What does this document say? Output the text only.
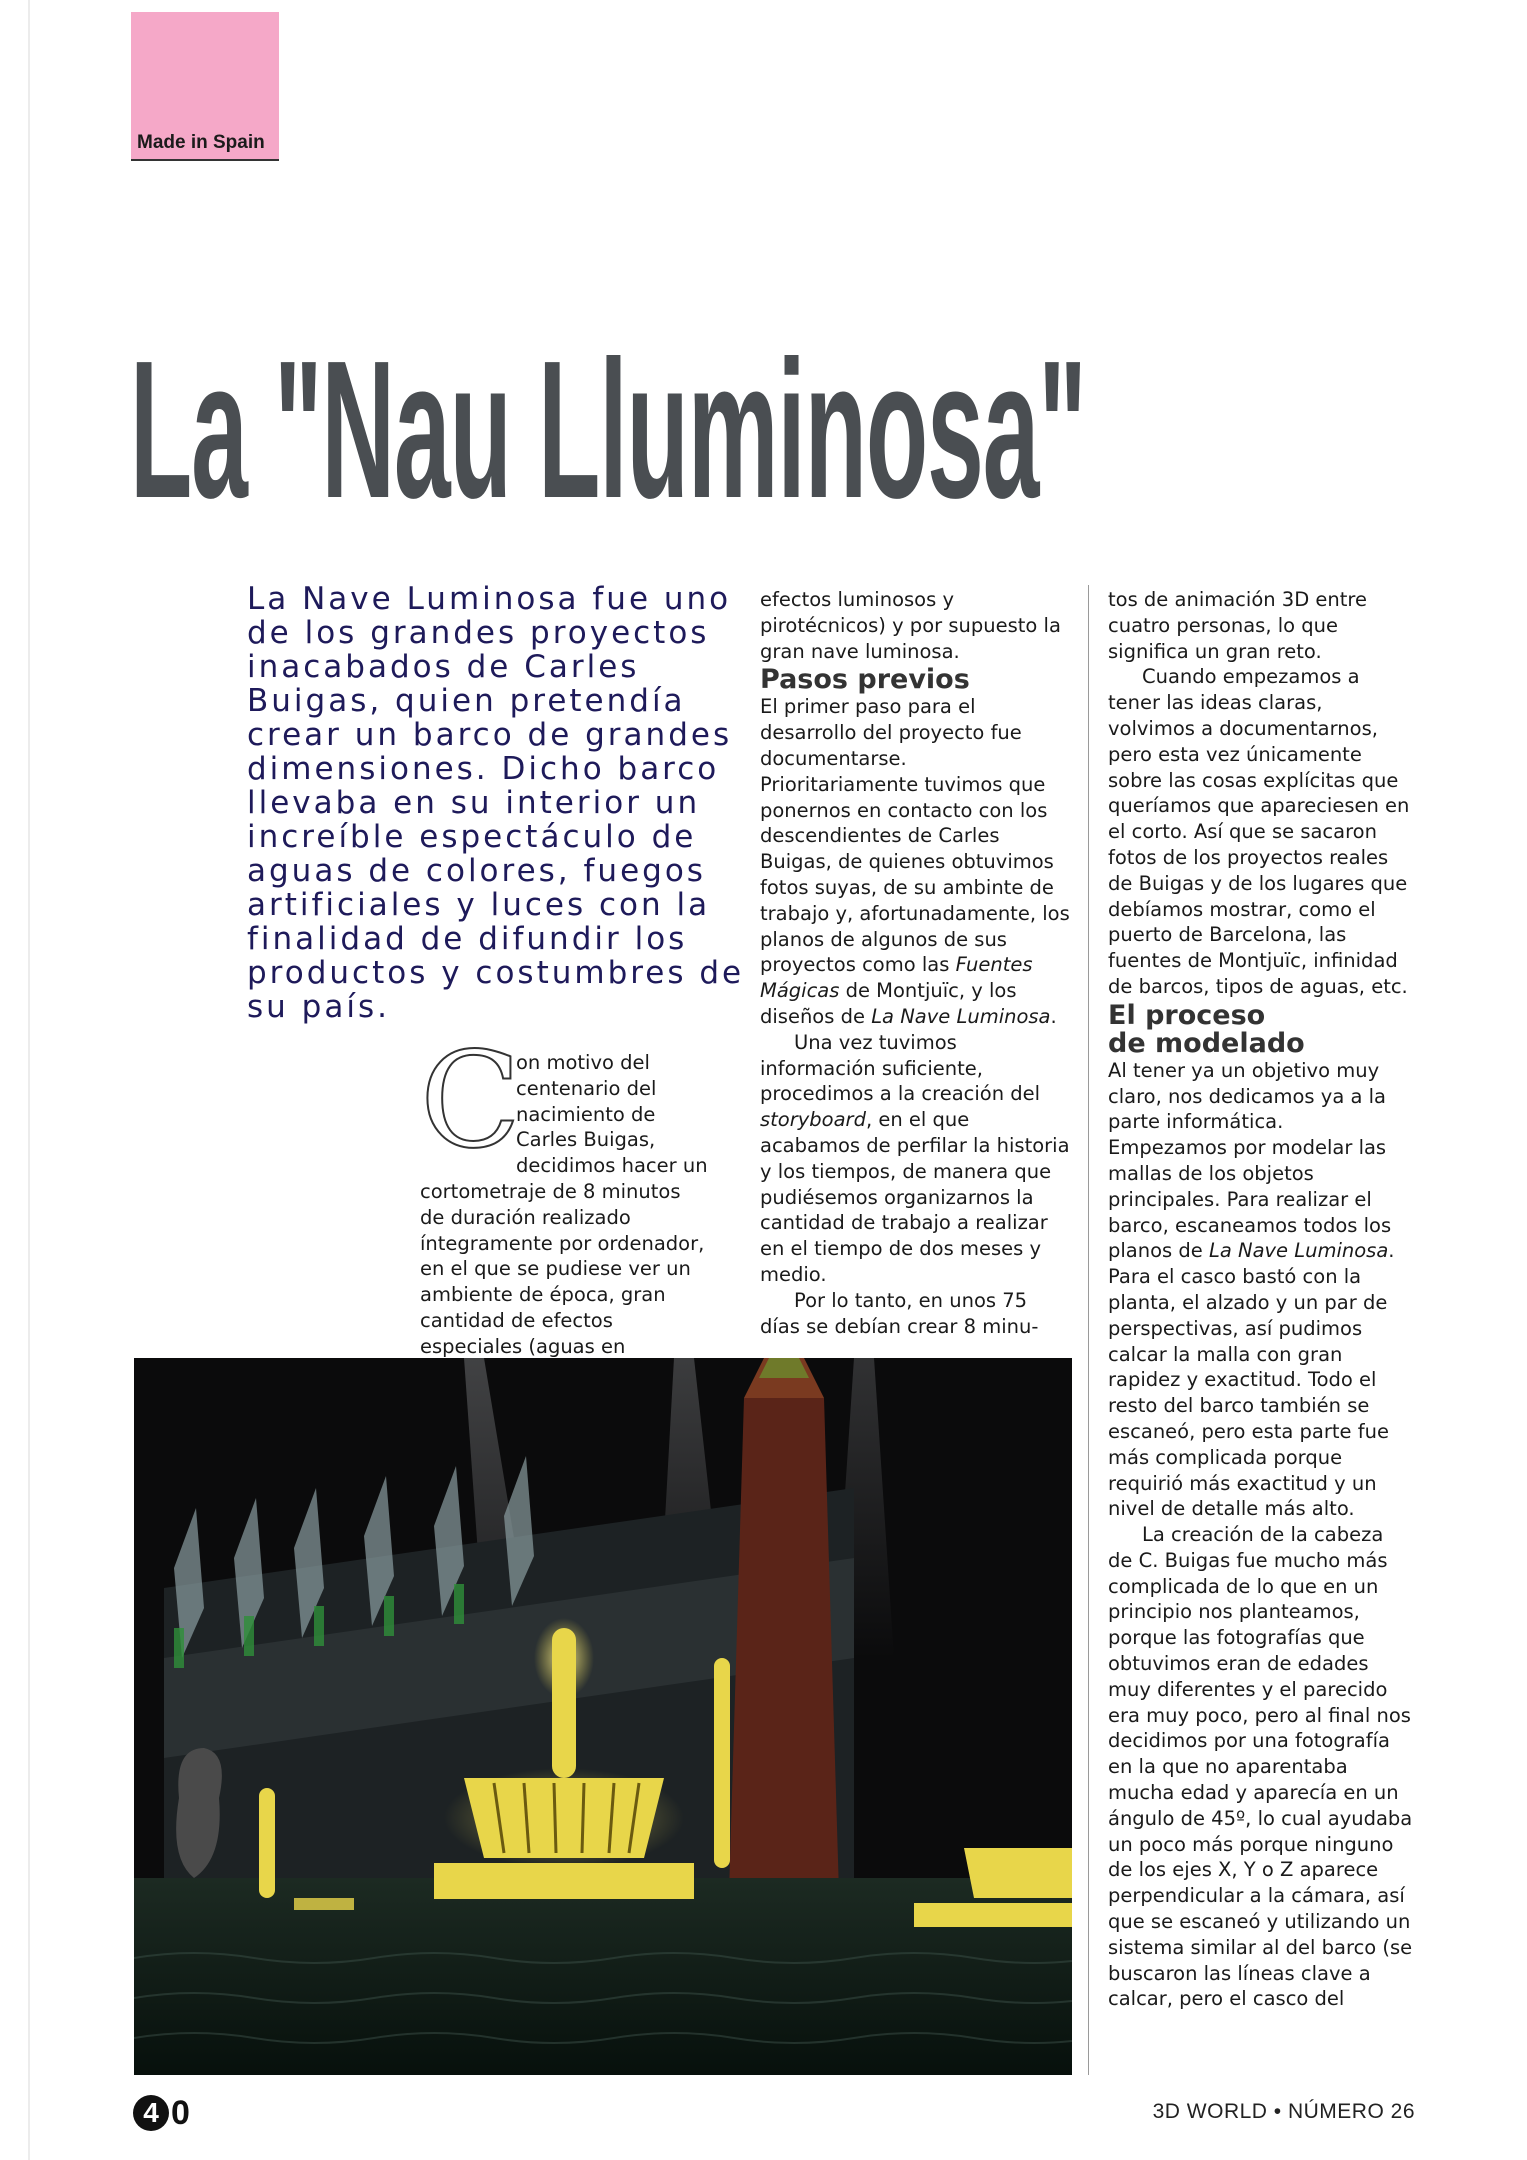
Made in Spain
La "Nau Lluminosa"

La Nave Luminosa fue uno de los grandes proyectos inacabados de Carles Buigas, quien pretendía crear un barco de grandes dimensiones. Dicho barco llevaba en su interior un increíble espectáculo de aguas de colores, fuegos artificiales y luces con la finalidad de difundir los productos y costumbres de su país.

C

on motivo del centenario del nacimiento de Carles Buigas, decidimos hacer un cortometraje de 8 minutos de duración realizado íntegramente por ordenador, en el que se pudiese ver un ambiente de época, gran cantidad de efectos especiales (aguas en

efectos luminosos y pirotécnicos) y por supuesto la gran nave luminosa.

Pasos previos

El primer paso para el desarrollo del proyecto fue documentarse. Prioritariamente tuvimos que ponernos en contacto con los descendientes de Carles Buigas, de quienes obtuvimos fotos suyas, de su ambinte de trabajo y, afortunadamente, los planos de algunos de sus proyectos como las Fuentes Mágicas de Montjuïc, y los diseños de La Nave Luminosa.

Una vez tuvimos información suficiente, procedimos a la creación del storyboard, en el que acabamos de perfilar la historia y los tiempos, de manera que pudiésemos organizarnos la cantidad de trabajo a realizar en el tiempo de dos meses y medio.

Por lo tanto, en unos 75 días se debían crear 8 minu-

tos de animación 3D entre cuatro personas, lo que significa un gran reto.

Cuando empezamos a tener las ideas claras, volvimos a documentarnos, pero esta vez únicamente sobre las cosas explícitas que queríamos que apareciesen en el corto. Así que se sacaron fotos de los proyectos reales de Buigas y de los lugares que debíamos mostrar, como el puerto de Barcelona, las fuentes de Montjuïc, infinidad de barcos, tipos de aguas, etc.

El proceso
de modelado

Al tener ya un objetivo muy claro, nos dedicamos ya a la parte informática.

Empezamos por modelar las mallas de los objetos principales. Para realizar el barco, escaneamos todos los planos de La Nave Luminosa. Para el casco bastó con la planta, el alzado y un par de perspectivas, así pudimos calcar la malla con gran rapidez y exactitud. Todo el resto del barco también se escaneó, pero esta parte fue más complicada porque requirió más exactitud y un nivel de detalle más alto.

La creación de la cabeza de C. Buigas fue mucho más complicada de lo que en un principio nos planteamos, porque las fotografías que obtuvimos eran de edades muy diferentes y el parecido era muy poco, pero al final nos decidimos por una fotografía en la que no aparentaba mucha edad y aparecía en un ángulo de 45º, lo cual ayudaba un poco más porque ninguno de los ejes X, Y o Z aparece perpendicular a la cámara, así que se escaneó y utilizando un sistema similar al del barco (se buscaron las líneas clave a calcar, pero el casco del

4 0	3D WORLD • NÚMERO 26
